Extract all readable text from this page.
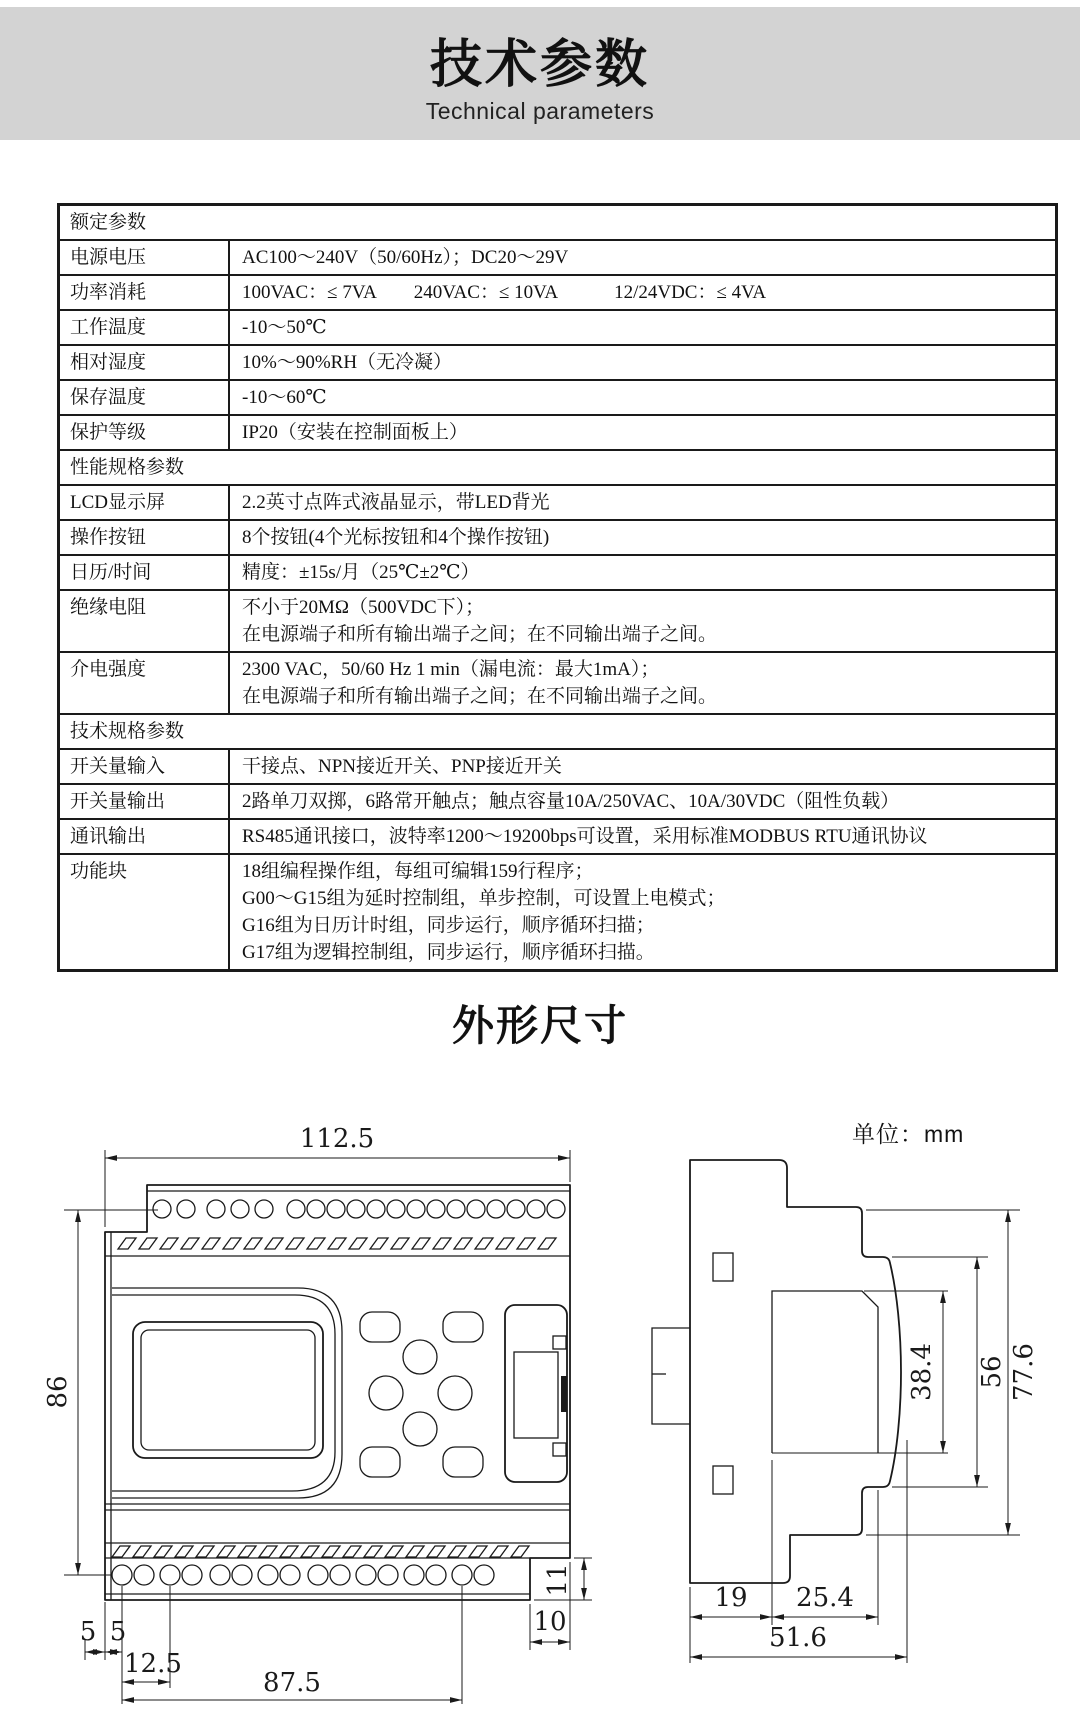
技术参数
Technical parameters
额定参数
电源电压	AC100～240V（50/60Hz）；DC20～29V
功率消耗	100VAC：≤ 7VA　　240VAC：≤ 10VA　　　12/24VDC：≤ 4VA
工作温度	-10～50℃
相对湿度	10%～90%RH（无冷凝）
保存温度	-10～60℃
保护等级	IP20（安装在控制面板上）
性能规格参数
LCD显示屏	2.2英寸点阵式液晶显示，带LED背光
操作按钮	8个按钮(4个光标按钮和4个操作按钮)
日历/时间	精度：±15s/月（25℃±2℃）
绝缘电阻	不小于20MΩ（500VDC下）；
在电源端子和所有输出端子之间；在不同输出端子之间。
介电强度	2300 VAC，50/60 Hz 1 min（漏电流：最大1mA）；
在电源端子和所有输出端子之间；在不同输出端子之间。
技术规格参数
开关量输入	干接点、NPN接近开关、PNP接近开关
开关量输出	2路单刀双掷，6路常开触点；触点容量10A/250VAC、10A/30VDC（阻性负载）
通讯输出	RS485通讯接口，波特率1200～19200bps可设置，采用标准MODBUS RTU通讯协议
功能块	18组编程操作组，每组可编辑159行程序；
G00～G15组为延时控制组，单步控制，可设置上电模式；
G16组为日历计时组，同步运行，顺序循环扫描；
G17组为逻辑控制组，同步运行，顺序循环扫描。
外形尺寸
单位：mm
112.5
86
5 5
12.5
87.5
10
11
38.4 56 77.6
19 25.4
51.6
